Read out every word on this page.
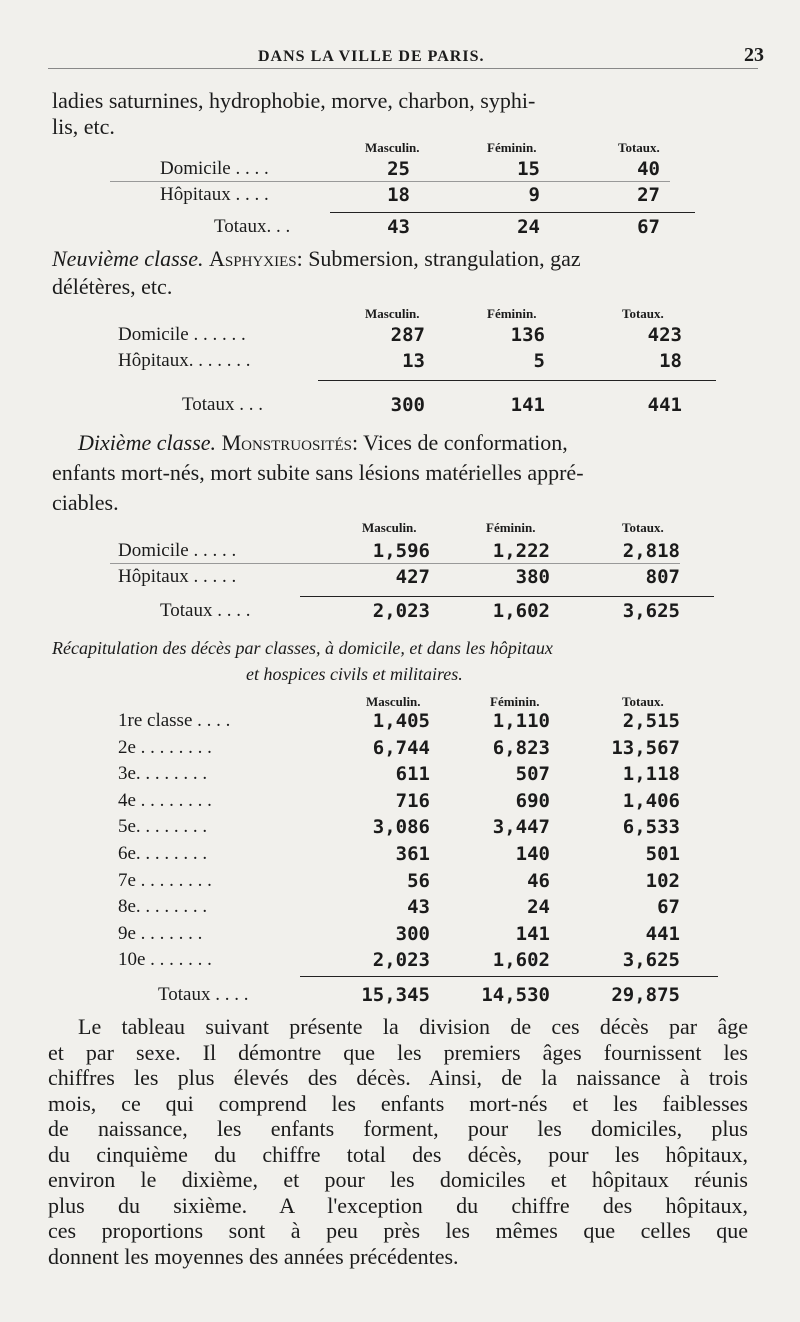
DANS LA VILLE DE PARIS.	23
ladies saturnines, hydrophobie, morve, charbon, syphi-
lis, etc.
Masculin.	Féminin.	Totaux.
Domicile . . . .	25	15	40
Hôpitaux . . . .	18	9	27
Totaux. . .	43	24	67
Neuvième classe. Asphyxies: Submersion, strangulation, gaz
délétères, etc.
Masculin.	Féminin.	Totaux.
Domicile . . . . . .	287	136	423
Hôpitaux. . . . . . .	13	5	18
Totaux . . .	300	141	441
Dixième classe. Monstruosités: Vices de conformation,
enfants mort-nés, mort subite sans lésions matérielles appré-
ciables.
Masculin.	Féminin.	Totaux.
Domicile . . . . .	1,596	1,222	2,818
Hôpitaux . . . . .	427	380	807
Totaux . . . .	2,023	1,602	3,625
Récapitulation des décès par classes, à domicile, et dans les hôpitaux
et hospices civils et militaires.
Masculin.	Féminin.	Totaux.
1re classe . . . .	1,405	1,110	2,515
2e . . . . . . . .	6,744	6,823	13,567
3e. . . . . . . .	611	507	1,118
4e . . . . . . . .	716	690	1,406
5e. . . . . . . .	3,086	3,447	6,533
6e. . . . . . . .	361	140	501
7e . . . . . . . .	56	46	102
8e. . . . . . . .	43	24	67
9e . . . . . . .	300	141	441
10e . . . . . . .	2,023	1,602	3,625
Totaux . . . .	15,345	14,530	29,875
Le tableau suivant présente la division de ces décès par âge
et par sexe. Il démontre que les premiers âges fournissent les
chiffres les plus élevés des décès. Ainsi, de la naissance à trois
mois, ce qui comprend les enfants mort-nés et les faiblesses
de naissance, les enfants forment, pour les domiciles, plus
du cinquième du chiffre total des décès, pour les hôpitaux,
environ le dixième, et pour les domiciles et hôpitaux réunis
plus du sixième. A l'exception du chiffre des hôpitaux,
ces proportions sont à peu près les mêmes que celles que
donnent les moyennes des années précédentes.
